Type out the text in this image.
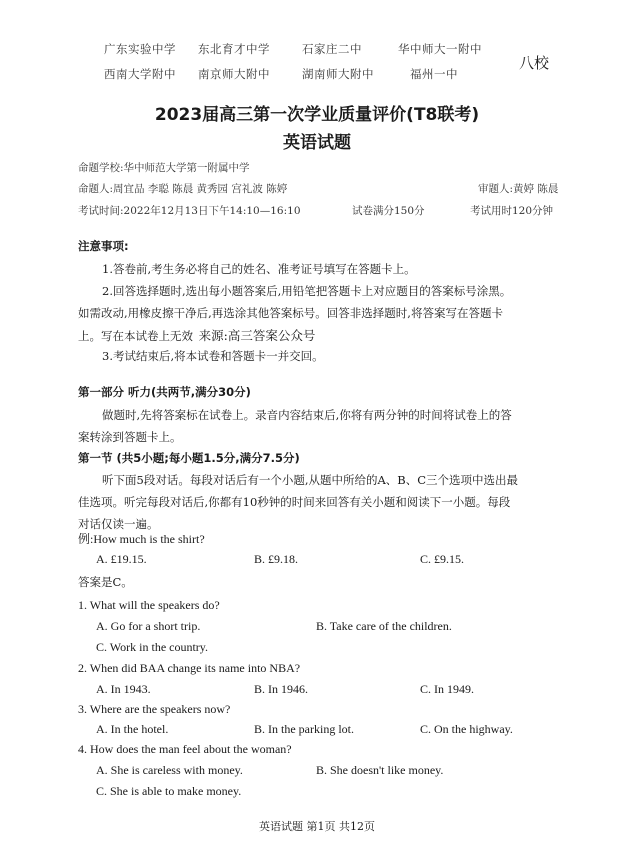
广东实验中学 东北育才中学	石家庄二中	华中师大一附中
西南大学附中 南京师大附中	湖南师大附中	福州一中
八校
2023届高三第一次学业质量评价(T8联考)
英语试题
命题学校:华中师范大学第一附属中学
命题人:周宜品 李聪 陈晨 黄秀园 宫礼波 陈婷	审题人:黄婷 陈晨
考试时间:2022年12月13日下午14:10—16:10	试卷满分150分	考试用时120分钟
注意事项:
1.答卷前,考生务必将自己的姓名、准考证号填写在答题卡上。
2.回答选择题时,选出每小题答案后,用铅笔把答题卡上对应题目的答案标号涂黑。
如需改动,用橡皮擦干净后,再选涂其他答案标号。回答非选择题时,将答案写在答题卡
上。写在本试卷上无效 来源:高三答案公众号
3.考试结束后,将本试卷和答题卡一并交回。
第一部分 听力(共两节,满分30分)
做题时,先将答案标在试卷上。录音内容结束后,你将有两分钟的时间将试卷上的答
案转涂到答题卡上。
第一节 (共5小题;每小题1.5分,满分7.5分)
听下面5段对话。每段对话后有一个小题,从题中所给的A、B、C三个选项中选出最
佳选项。听完每段对话后,你都有10秒钟的时间来回答有关小题和阅读下一小题。每段
对话仅读一遍。
例:How much is the shirt?
A. £19.15.	B. £9.18.	C. £9.15.
答案是C。
1. What will the speakers do?
A. Go for a short trip.	B. Take care of the children.
C. Work in the country.
2. When did BAA change its name into NBA?
A. In 1943.	B. In 1946.	C. In 1949.
3. Where are the speakers now?
A. In the hotel.	B. In the parking lot.	C. On the highway.
4. How does the man feel about the woman?
A. She is careless with money.	B. She doesn't like money.
C. She is able to make money.
英语试题 第1页 共12页
